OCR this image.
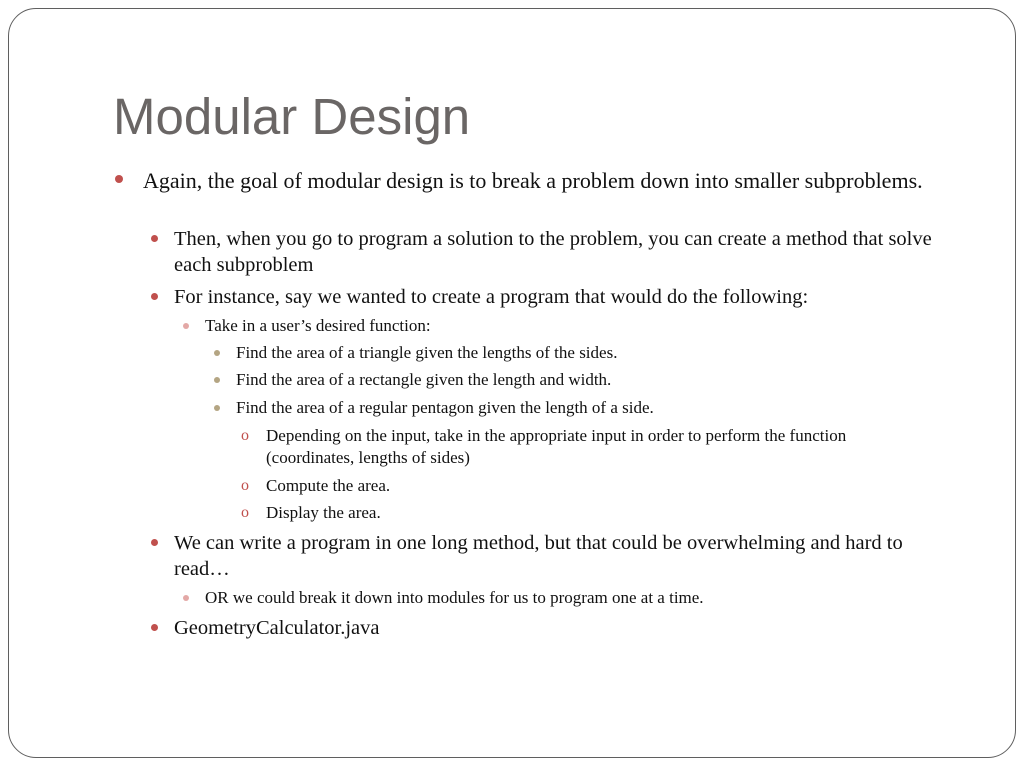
Modular Design
Again, the goal of modular design is to break a problem down into smaller subproblems.
Then, when you go to program a solution to the problem, you can create a method that solve each subproblem
For instance, say we wanted to create a program that would do the following:
Take in a user’s desired function:
Find the area of a triangle given the lengths of the sides.
Find the area of a rectangle given the length and width.
Find the area of a regular pentagon given the length of a side.
o Depending on the input, take in the appropriate input in order to perform the function (coordinates, lengths of sides)
o Compute the area.
o Display the area.
We can write a program in one long method, but that could be overwhelming and hard to read…
OR we could break it down into modules for us to program one at a time.
GeometryCalculator.java
